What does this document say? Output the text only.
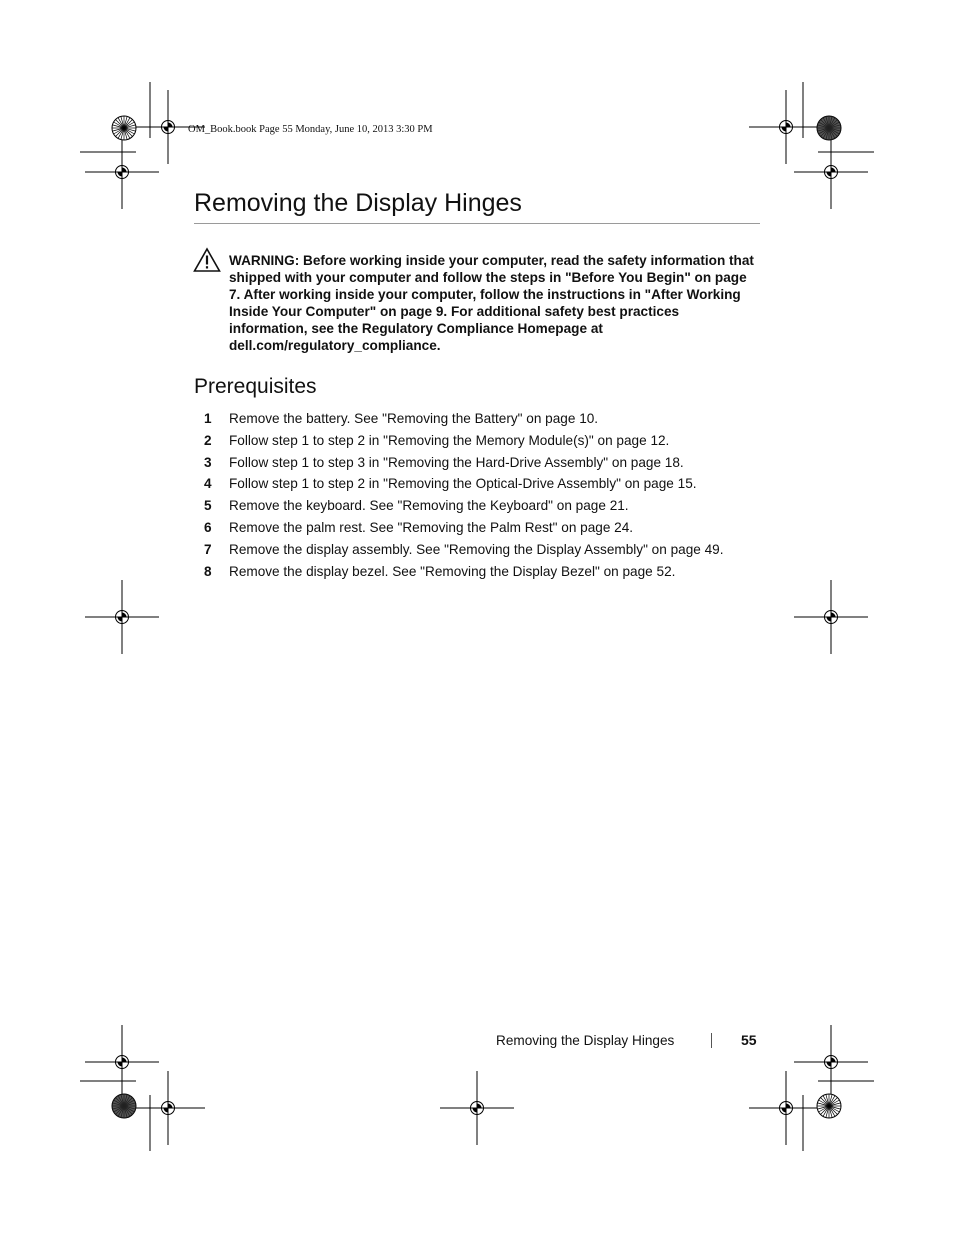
OM_Book.book Page 55 Monday, June 10, 2013 3:30 PM
Removing the Display Hinges

WARNING: Before working inside your computer, read the safety information that shipped with your computer and follow the steps in "Before You Begin" on page 7. After working inside your computer, follow the instructions in "After Working Inside Your Computer" on page 9. For additional safety best practices information, see the Regulatory Compliance Homepage at dell.com/regulatory_compliance.

Prerequisites
1 Remove the battery. See "Removing the Battery" on page 10.
2 Follow step 1 to step 2 in "Removing the Memory Module(s)" on page 12.
3 Follow step 1 to step 3 in "Removing the Hard-Drive Assembly" on page 18.
4 Follow step 1 to step 2 in "Removing the Optical-Drive Assembly" on page 15.
5 Remove the keyboard. See "Removing the Keyboard" on page 21.
6 Remove the palm rest. See "Removing the Palm Rest" on page 24.
7 Remove the display assembly. See "Removing the Display Assembly" on page 49.
8 Remove the display bezel. See "Removing the Display Bezel" on page 52.
Removing the Display Hinges	55
